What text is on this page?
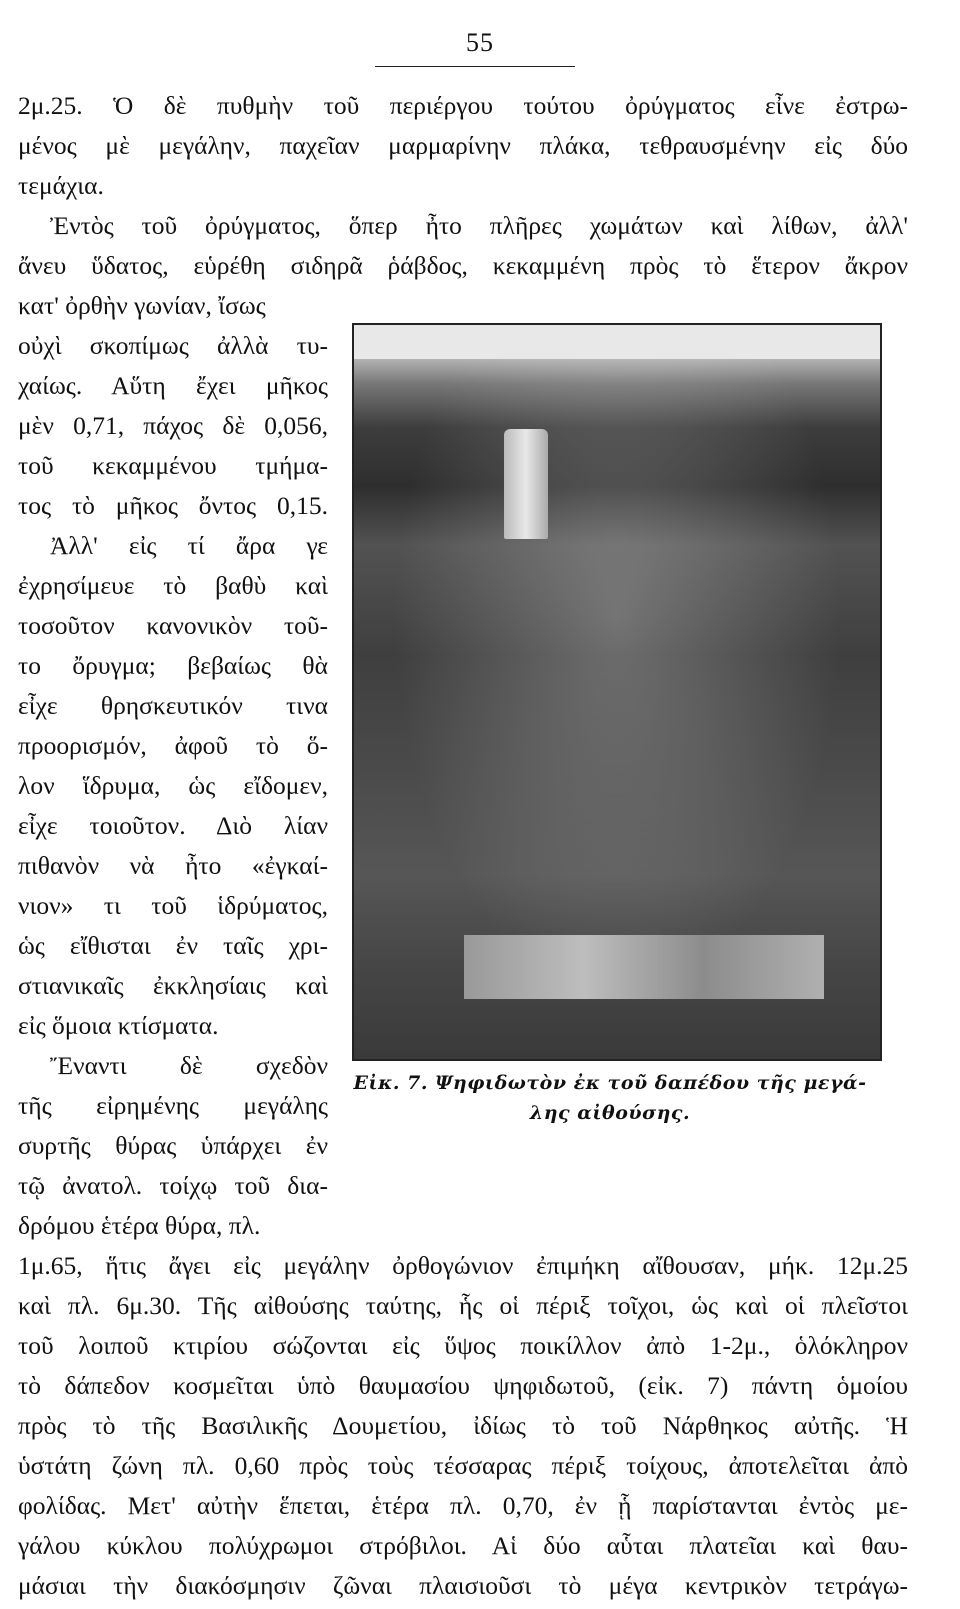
55
2μ.25. Ὁ δὲ πυθμὴν τοῦ περιέργου τούτου ὀρύγματος εἶνε ἐστρω-
μένος μὲ μεγάλην, παχεῖαν μαρμαρίνην πλάκα, τεθραυσμένην εἰς δύο
τεμάχια.
Ἐντὸς τοῦ ὀρύγματος, ὅπερ ἦτο πλῆρες χωμάτων καὶ λίθων, ἀλλ'
ἄνευ ὕδατος, εὑρέθη σιδηρᾶ ῥάβδος, κεκαμμένη πρὸς τὸ ἕτερον ἄκρον
κατ' ὀρθὴν γωνίαν, ἴσως
οὐχὶ σκοπίμως ἀλλὰ τυ-
χαίως. Αὕτη ἔχει μῆκος
μὲν 0,71, πάχος δὲ 0,056,
τοῦ κεκαμμένου τμήμα-
τος τὸ μῆκος ὄντος 0,15.
Ἀλλ' εἰς τί ἄρα γε
ἐχρησίμευε τὸ βαθὺ καὶ
τοσοῦτον κανονικὸν τοῦ-
το ὄρυγμα; βεβαίως θὰ
εἶχε θρησκευτικόν τινα
προορισμόν, ἀφοῦ τὸ ὅ-
λον ἵδρυμα, ὡς εἴδομεν,
εἶχε τοιοῦτον. Διὸ λίαν
πιθανὸν νὰ ἦτο «ἐγκαί-
νιον» τι τοῦ ἱδρύματος,
ὡς εἴθισται ἐν ταῖς χρι-
στιανικαῖς ἐκκλησίαις καὶ
εἰς ὅμοια κτίσματα.
Ἔναντι δὲ σχεδὸν
τῆς εἰρημένης μεγάλης
συρτῆς θύρας ὑπάρχει ἐν
τῷ ἀνατολ. τοίχῳ τοῦ δια-
δρόμου ἑτέρα θύρα, πλ.
1μ.65, ἥτις ἄγει εἰς μεγάλην ὀρθογώνιον ἐπιμήκη αἴθουσαν, μήκ. 12μ.25
καὶ πλ. 6μ.30. Τῆς αἰθούσης ταύτης, ἧς οἱ πέριξ τοῖχοι, ὡς καὶ οἱ πλεῖστοι
τοῦ λοιποῦ κτιρίου σώζονται εἰς ὕψος ποικίλλον ἀπὸ 1-2μ., ὁλόκληρον
τὸ δάπεδον κοσμεῖται ὑπὸ θαυμασίου ψηφιδωτοῦ, (εἰκ. 7) πάντη ὁμοίου
πρὸς τὸ τῆς Βασιλικῆς Δουμετίου, ἰδίως τὸ τοῦ Νάρθηκος αὐτῆς. Ἡ
ὑστάτη ζώνη πλ. 0,60 πρὸς τοὺς τέσσαρας πέριξ τοίχους, ἀποτελεῖται ἀπὸ
φολίδας. Μετ' αὐτὴν ἕπεται, ἑτέρα πλ. 0,70, ἐν ᾗ παρίστανται ἐντὸς με-
γάλου κύκλου πολύχρωμοι στρόβιλοι. Αἱ δύο αὗται πλατεῖαι καὶ θαυ-
μάσιαι τὴν διακόσμησιν ζῶναι πλαισιοῦσι τὸ μέγα κεντρικὸν τετράγω-
Εἰκ. 7. Ψηφιδωτὸν ἐκ τοῦ δαπέδου τῆς μεγά-
λης αἰθούσης.
